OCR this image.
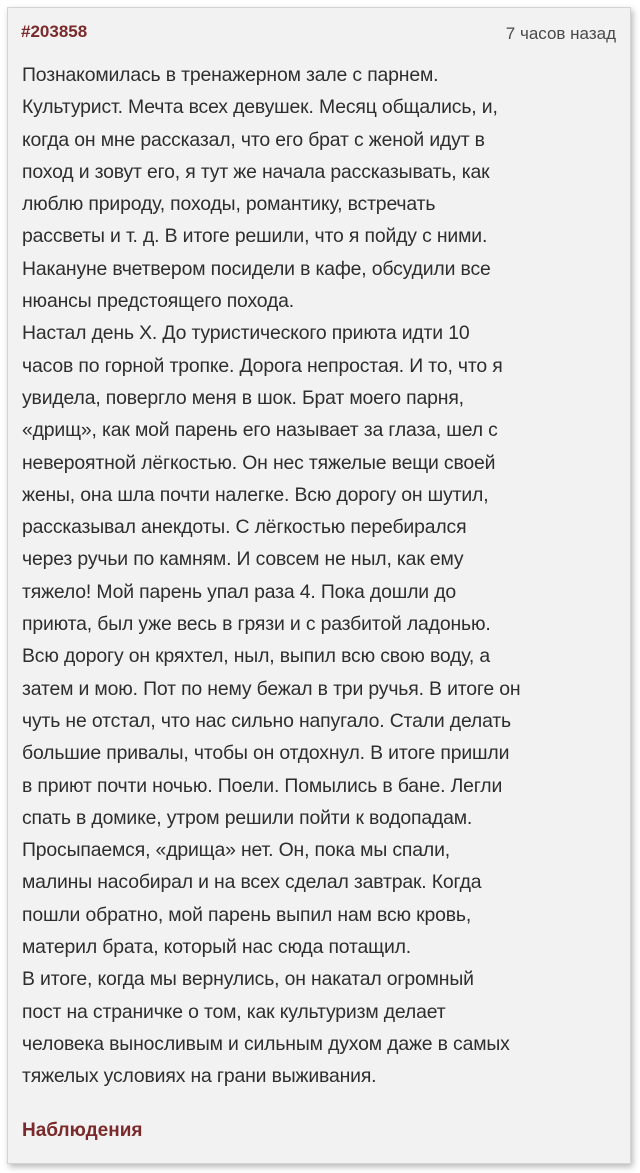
#203858	7 часов назад
Познакомилась в тренажерном зале с парнем.
Культурист. Мечта всех девушек. Месяц общались, и,
когда он мне рассказал, что его брат с женой идут в
поход и зовут его, я тут же начала рассказывать, как
люблю природу, походы, романтику, встречать
рассветы и т. д. В итоге решили, что я пойду с ними.
Накануне вчетвером посидели в кафе, обсудили все
нюансы предстоящего похода.
Настал день X. До туристического приюта идти 10
часов по горной тропке. Дорога непростая. И то, что я
увидела, повергло меня в шок. Брат моего парня,
«дрищ», как мой парень его называет за глаза, шел с
невероятной лёгкостью. Он нес тяжелые вещи своей
жены, она шла почти налегке. Всю дорогу он шутил,
рассказывал анекдоты. С лёгкостью перебирался
через ручьи по камням. И совсем не ныл, как ему
тяжело! Мой парень упал раза 4. Пока дошли до
приюта, был уже весь в грязи и с разбитой ладонью.
Всю дорогу он кряхтел, ныл, выпил всю свою воду, а
затем и мою. Пот по нему бежал в три ручья. В итоге он
чуть не отстал, что нас сильно напугало. Стали делать
большие привалы, чтобы он отдохнул. В итоге пришли
в приют почти ночью. Поели. Помылись в бане. Легли
спать в домике, утром решили пойти к водопадам.
Просыпаемся, «дрища» нет. Он, пока мы спали,
малины насобирал и на всех сделал завтрак. Когда
пошли обратно, мой парень выпил нам всю кровь,
материл брата, который нас сюда потащил.
В итоге, когда мы вернулись, он накатал огромный
пост на страничке о том, как культуризм делает
человека выносливым и сильным духом даже в самых
тяжелых условиях на грани выживания.
Наблюдения
